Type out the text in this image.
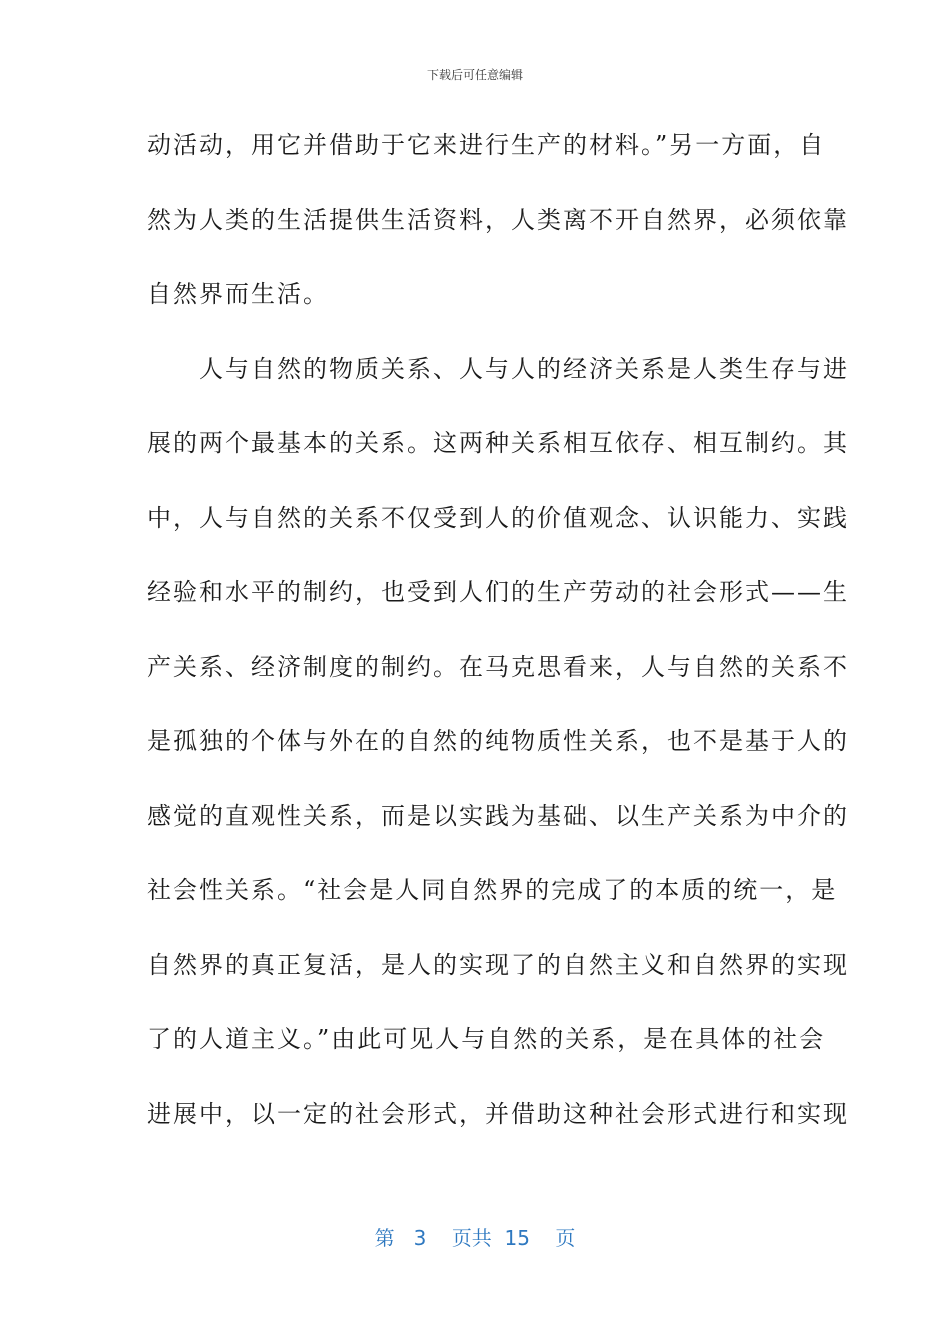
下载后可任意编辑
动活动，用它并借助于它来进行生产的材料。”另一方面，自
然为人类的生活提供生活资料，人类离不开自然界，必须依靠
自然界而生活。
　　人与自然的物质关系、人与人的经济关系是人类生存与进
展的两个最基本的关系。这两种关系相互依存、相互制约。其
中，人与自然的关系不仅受到人的价值观念、认识能力、实践
经验和水平的制约，也受到人们的生产劳动的社会形式——生
产关系、经济制度的制约。在马克思看来，人与自然的关系不
是孤独的个体与外在的自然的纯物质性关系，也不是基于人的
感觉的直观性关系，而是以实践为基础、以生产关系为中介的
社会性关系。“社会是人同自然界的完成了的本质的统一，是
自然界的真正复活，是人的实现了的自然主义和自然界的实现
了的人道主义。”由此可见人与自然的关系，是在具体的社会
进展中，以一定的社会形式，并借助这种社会形式进行和实现
第 3 页共 15 页
